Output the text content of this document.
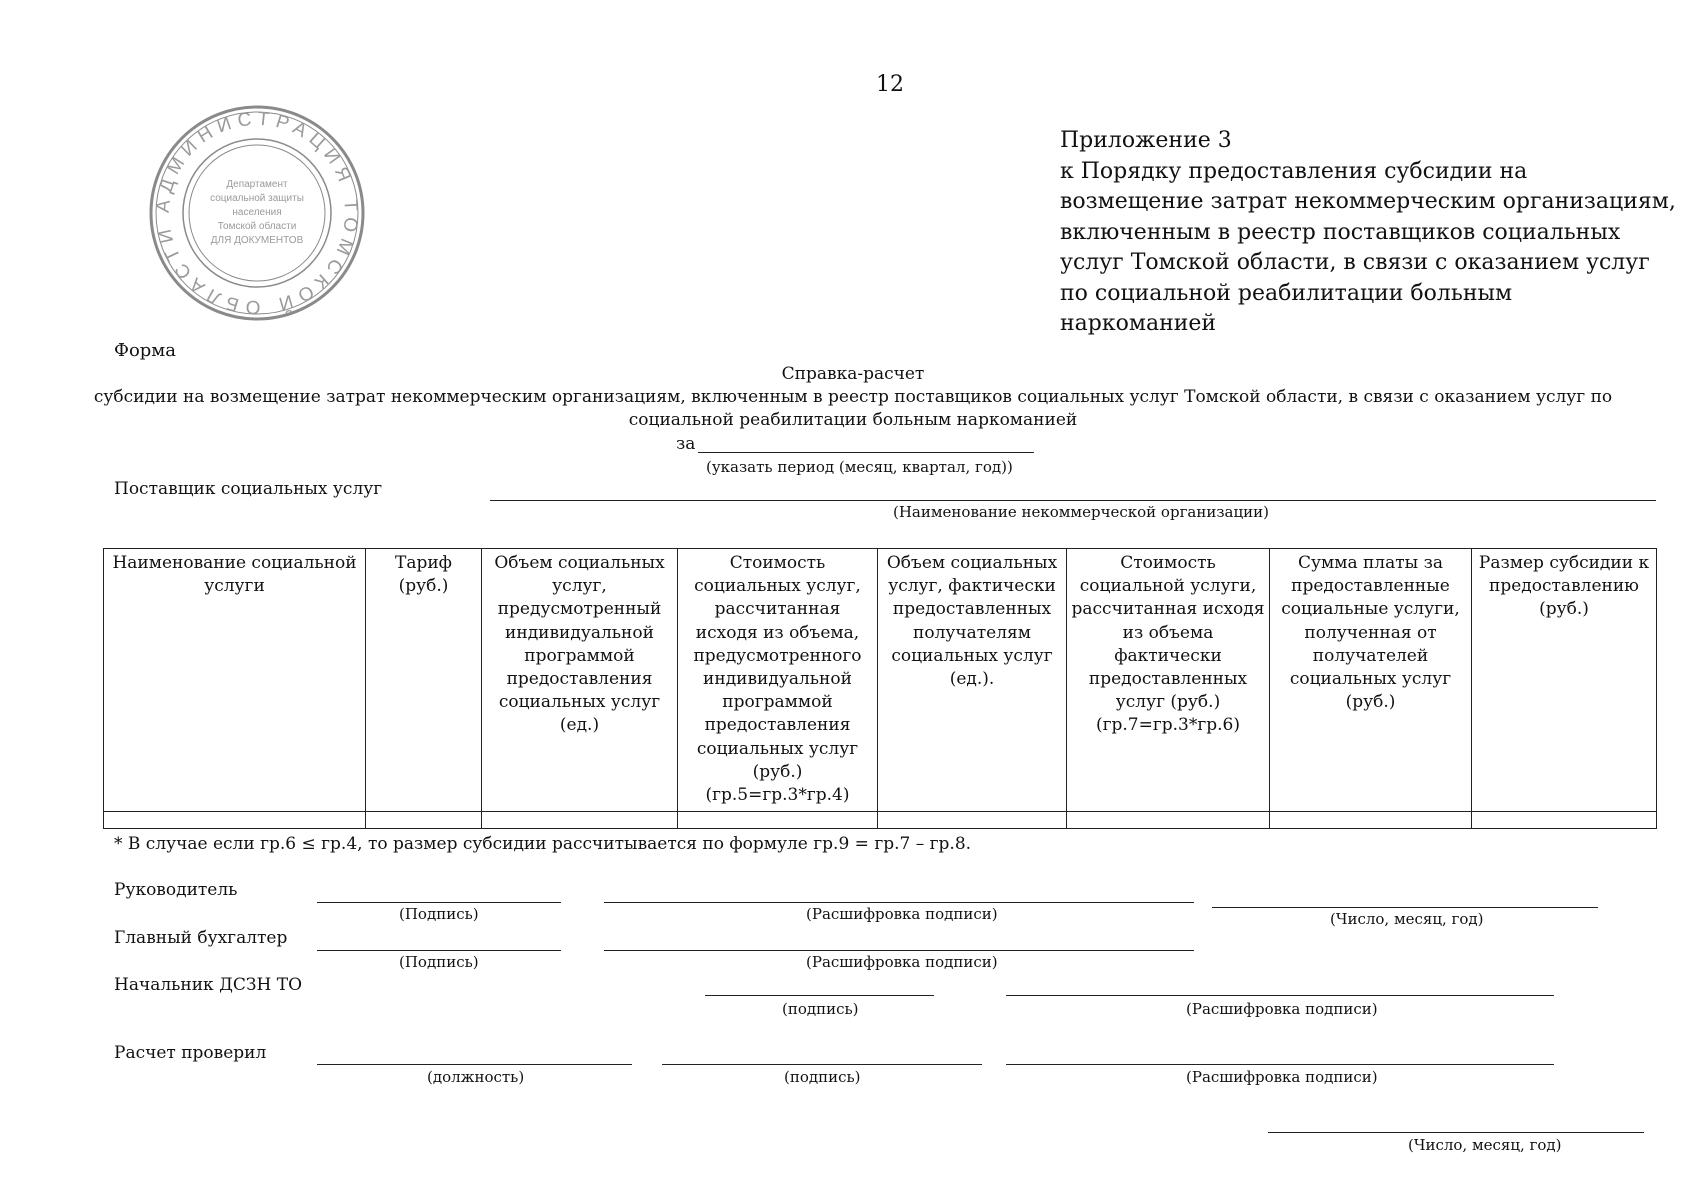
12
АДМИНИСТРАЦИЯ ТОМСКОЙ ОБЛАСТИ
Департамент
социальной защиты
населения
Томской области
ДЛЯ ДОКУМЕНТОВ
Приложение 3
к Порядку предоставления субсидии на
возмещение затрат некоммерческим организациям,
включенным в реестр поставщиков социальных
услуг Томской области, в связи с оказанием услуг
по социальной реабилитации больным
наркоманией
Форма
Справка-расчет
субсидии на возмещение затрат некоммерческим организациям, включенным в реестр поставщиков социальных услуг Томской области, в связи с оказанием услуг по
социальной реабилитации больным наркоманией
за
(указать период (месяц, квартал, год))
Поставщик социальных услуг
(Наименование некоммерческой организации)
Наименование социальной услуги	Тариф (руб.)	Объем социальных услуг, предусмотренный индивидуальной программой предоставления социальных услуг (ед.)	Стоимость социальных услуг, рассчитанная исходя из объема, предусмотренного индивидуальной программой предоставления социальных услуг (руб.) (гр.5=гр.3*гр.4)	Объем социальных услуг, фактически предоставленных получателям социальных услуг (ед.).	Стоимость социальной услуги, рассчитанная исходя из объема фактически предоставленных услуг (руб.) (гр.7=гр.3*гр.6)	Сумма платы за предоставленные социальные услуги, полученная от получателей социальных услуг (руб.)	Размер субсидии к предоставлению (руб.)

* В случае если гр.6 ≤ гр.4, то размер субсидии рассчитывается по формуле гр.9 = гр.7 – гр.8.
Руководитель
(Подпись)	(Расшифровка подписи)	(Число, месяц, год)
Главный бухгалтер
(Подпись)	(Расшифровка подписи)
Начальник ДСЗН ТО
(подпись)	(Расшифровка подписи)
Расчет проверил
(должность)	(подпись)	(Расшифровка подписи)
(Число, месяц, год)
